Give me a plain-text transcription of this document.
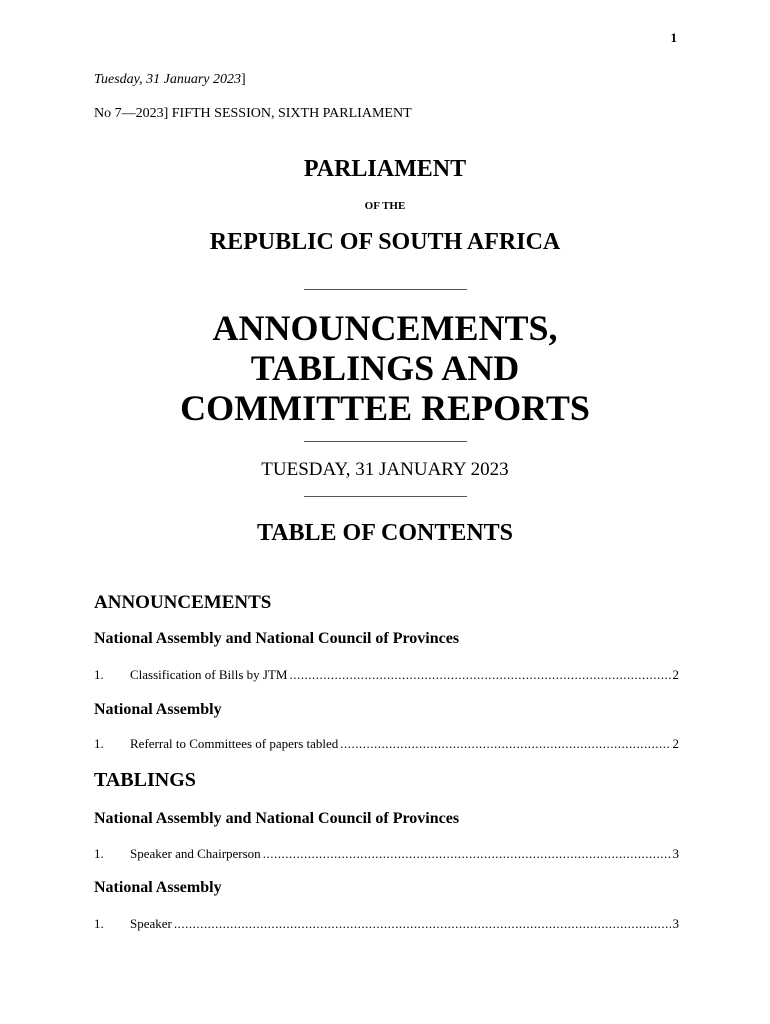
1
Tuesday, 31 January 2023]
No 7—2023] FIFTH SESSION, SIXTH PARLIAMENT
PARLIAMENT
OF THE
REPUBLIC OF SOUTH AFRICA
ANNOUNCEMENTS,
TABLINGS AND
COMMITTEE REPORTS
TUESDAY, 31 JANUARY 2023
TABLE OF CONTENTS
ANNOUNCEMENTS
National Assembly and National Council of Provinces
1.	Classification of Bills by JTM .....	2
National Assembly
1.	Referral to Committees of papers tabled .....	2
TABLINGS
National Assembly and National Council of Provinces
1.	Speaker and Chairperson .....	3
National Assembly
1.	Speaker .....	3
